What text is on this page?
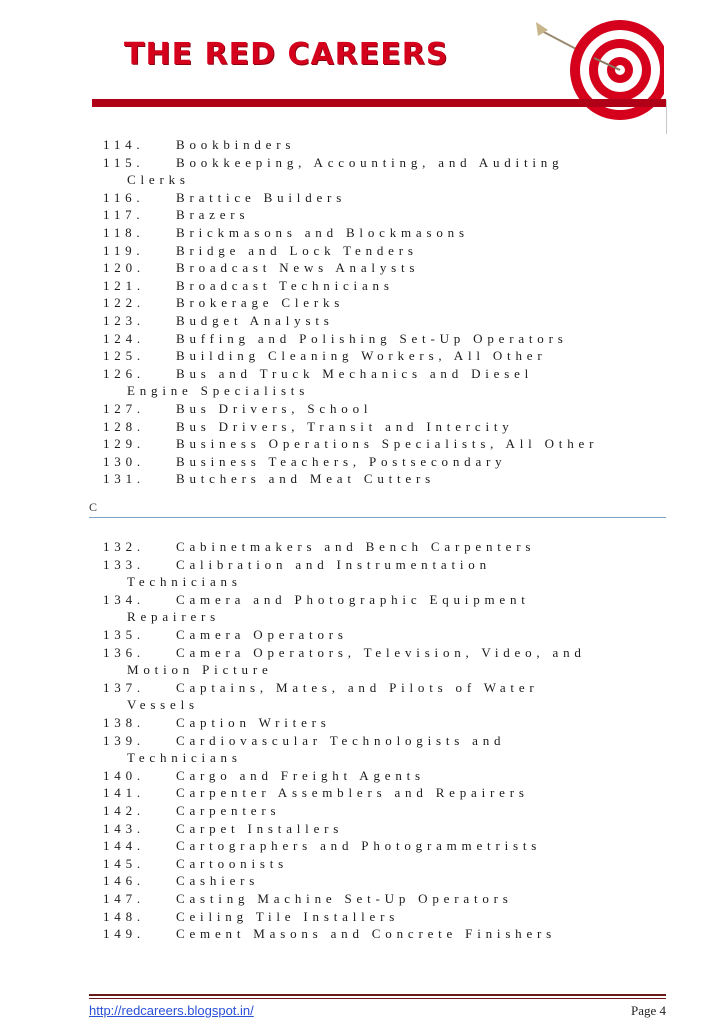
THE RED CAREERS
114. Bookbinders
115. Bookkeeping, Accounting, and Auditing
Clerks
116. Brattice Builders
117. Brazers
118. Brickmasons and Blockmasons
119. Bridge and Lock Tenders
120. Broadcast News Analysts
121. Broadcast Technicians
122. Brokerage Clerks
123. Budget Analysts
124. Buffing and Polishing Set-Up Operators
125. Building Cleaning Workers, All Other
126. Bus and Truck Mechanics and Diesel
Engine Specialists
127. Bus Drivers, School
128. Bus Drivers, Transit and Intercity
129. Business Operations Specialists, All Other
130. Business Teachers, Postsecondary
131. Butchers and Meat Cutters
C
132. Cabinetmakers and Bench Carpenters
133. Calibration and Instrumentation
Technicians
134. Camera and Photographic Equipment
Repairers
135. Camera Operators
136. Camera Operators, Television, Video, and
Motion Picture
137. Captains, Mates, and Pilots of Water
Vessels
138. Caption Writers
139. Cardiovascular Technologists and
Technicians
140. Cargo and Freight Agents
141. Carpenter Assemblers and Repairers
142. Carpenters
143. Carpet Installers
144. Cartographers and Photogrammetrists
145. Cartoonists
146. Cashiers
147. Casting Machine Set-Up Operators
148. Ceiling Tile Installers
149. Cement Masons and Concrete Finishers
http://redcareers.blogspot.in/	Page 4
